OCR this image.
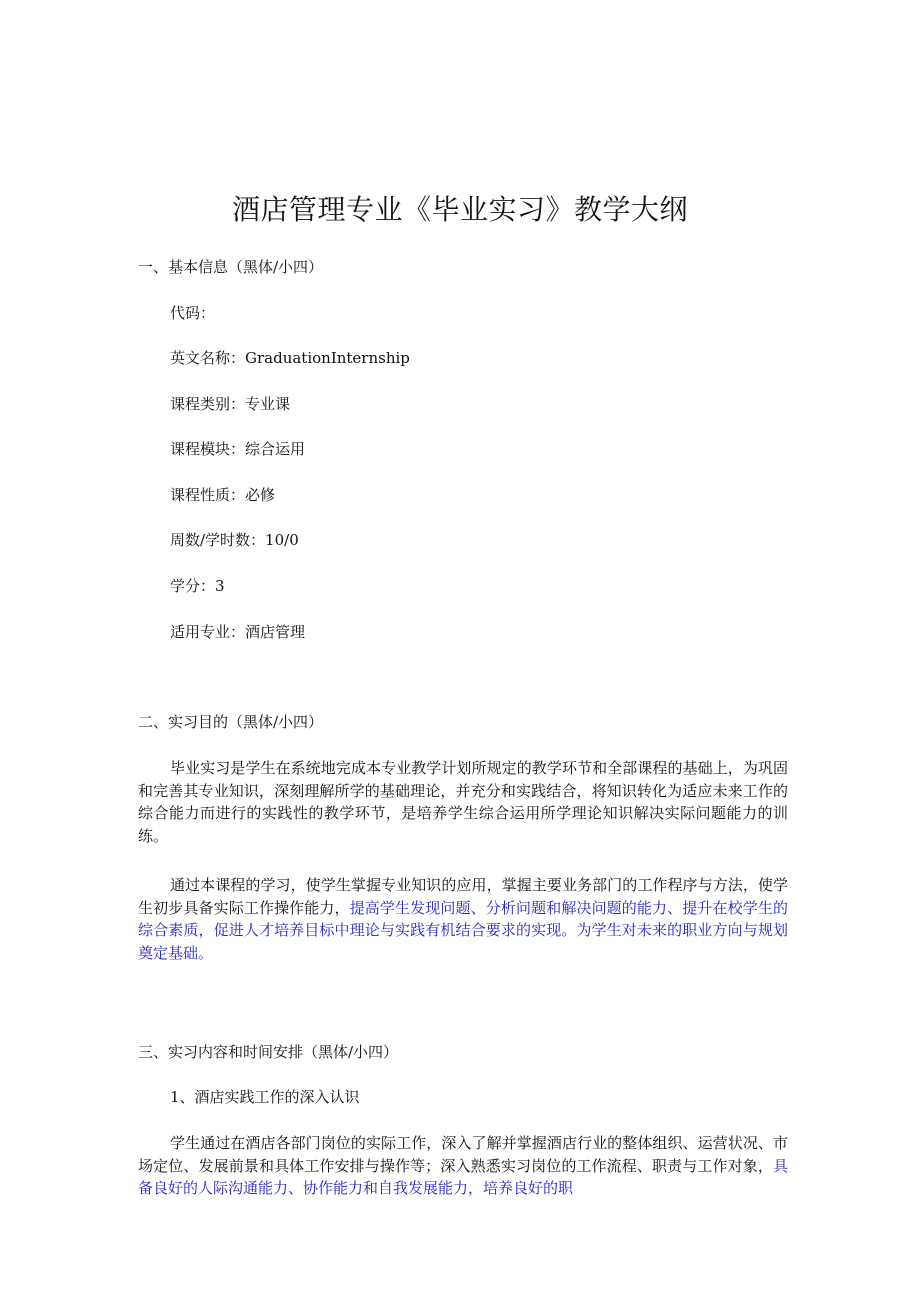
酒店管理专业《毕业实习》教学大纲
一、基本信息（黑体/小四）
代码：
英文名称：GraduationInternship
课程类别：专业课
课程模块：综合运用
课程性质：必修
周数/学时数：10/0
学分：3
适用专业：酒店管理
二、实习目的（黑体/小四）
毕业实习是学生在系统地完成本专业教学计划所规定的教学环节和全部课程的基础上，为巩固和完善其专业知识，深刻理解所学的基础理论，并充分和实践结合，将知识转化为适应未来工作的综合能力而进行的实践性的教学环节，是培养学生综合运用所学理论知识解决实际问题能力的训练。
通过本课程的学习，使学生掌握专业知识的应用，掌握主要业务部门的工作程序与方法，使学生初步具备实际工作操作能力，提高学生发现问题、分析问题和解决问题的能力、提升在校学生的综合素质，促进人才培养目标中理论与实践有机结合要求的实现。为学生对未来的职业方向与规划奠定基础。
三、实习内容和时间安排（黑体/小四）
1、酒店实践工作的深入认识
学生通过在酒店各部门岗位的实际工作，深入了解并掌握酒店行业的整体组织、运营状况、市场定位、发展前景和具体工作安排与操作等；深入熟悉实习岗位的工作流程、职责与工作对象，具备良好的人际沟通能力、协作能力和自我发展能力，培养良好的职
